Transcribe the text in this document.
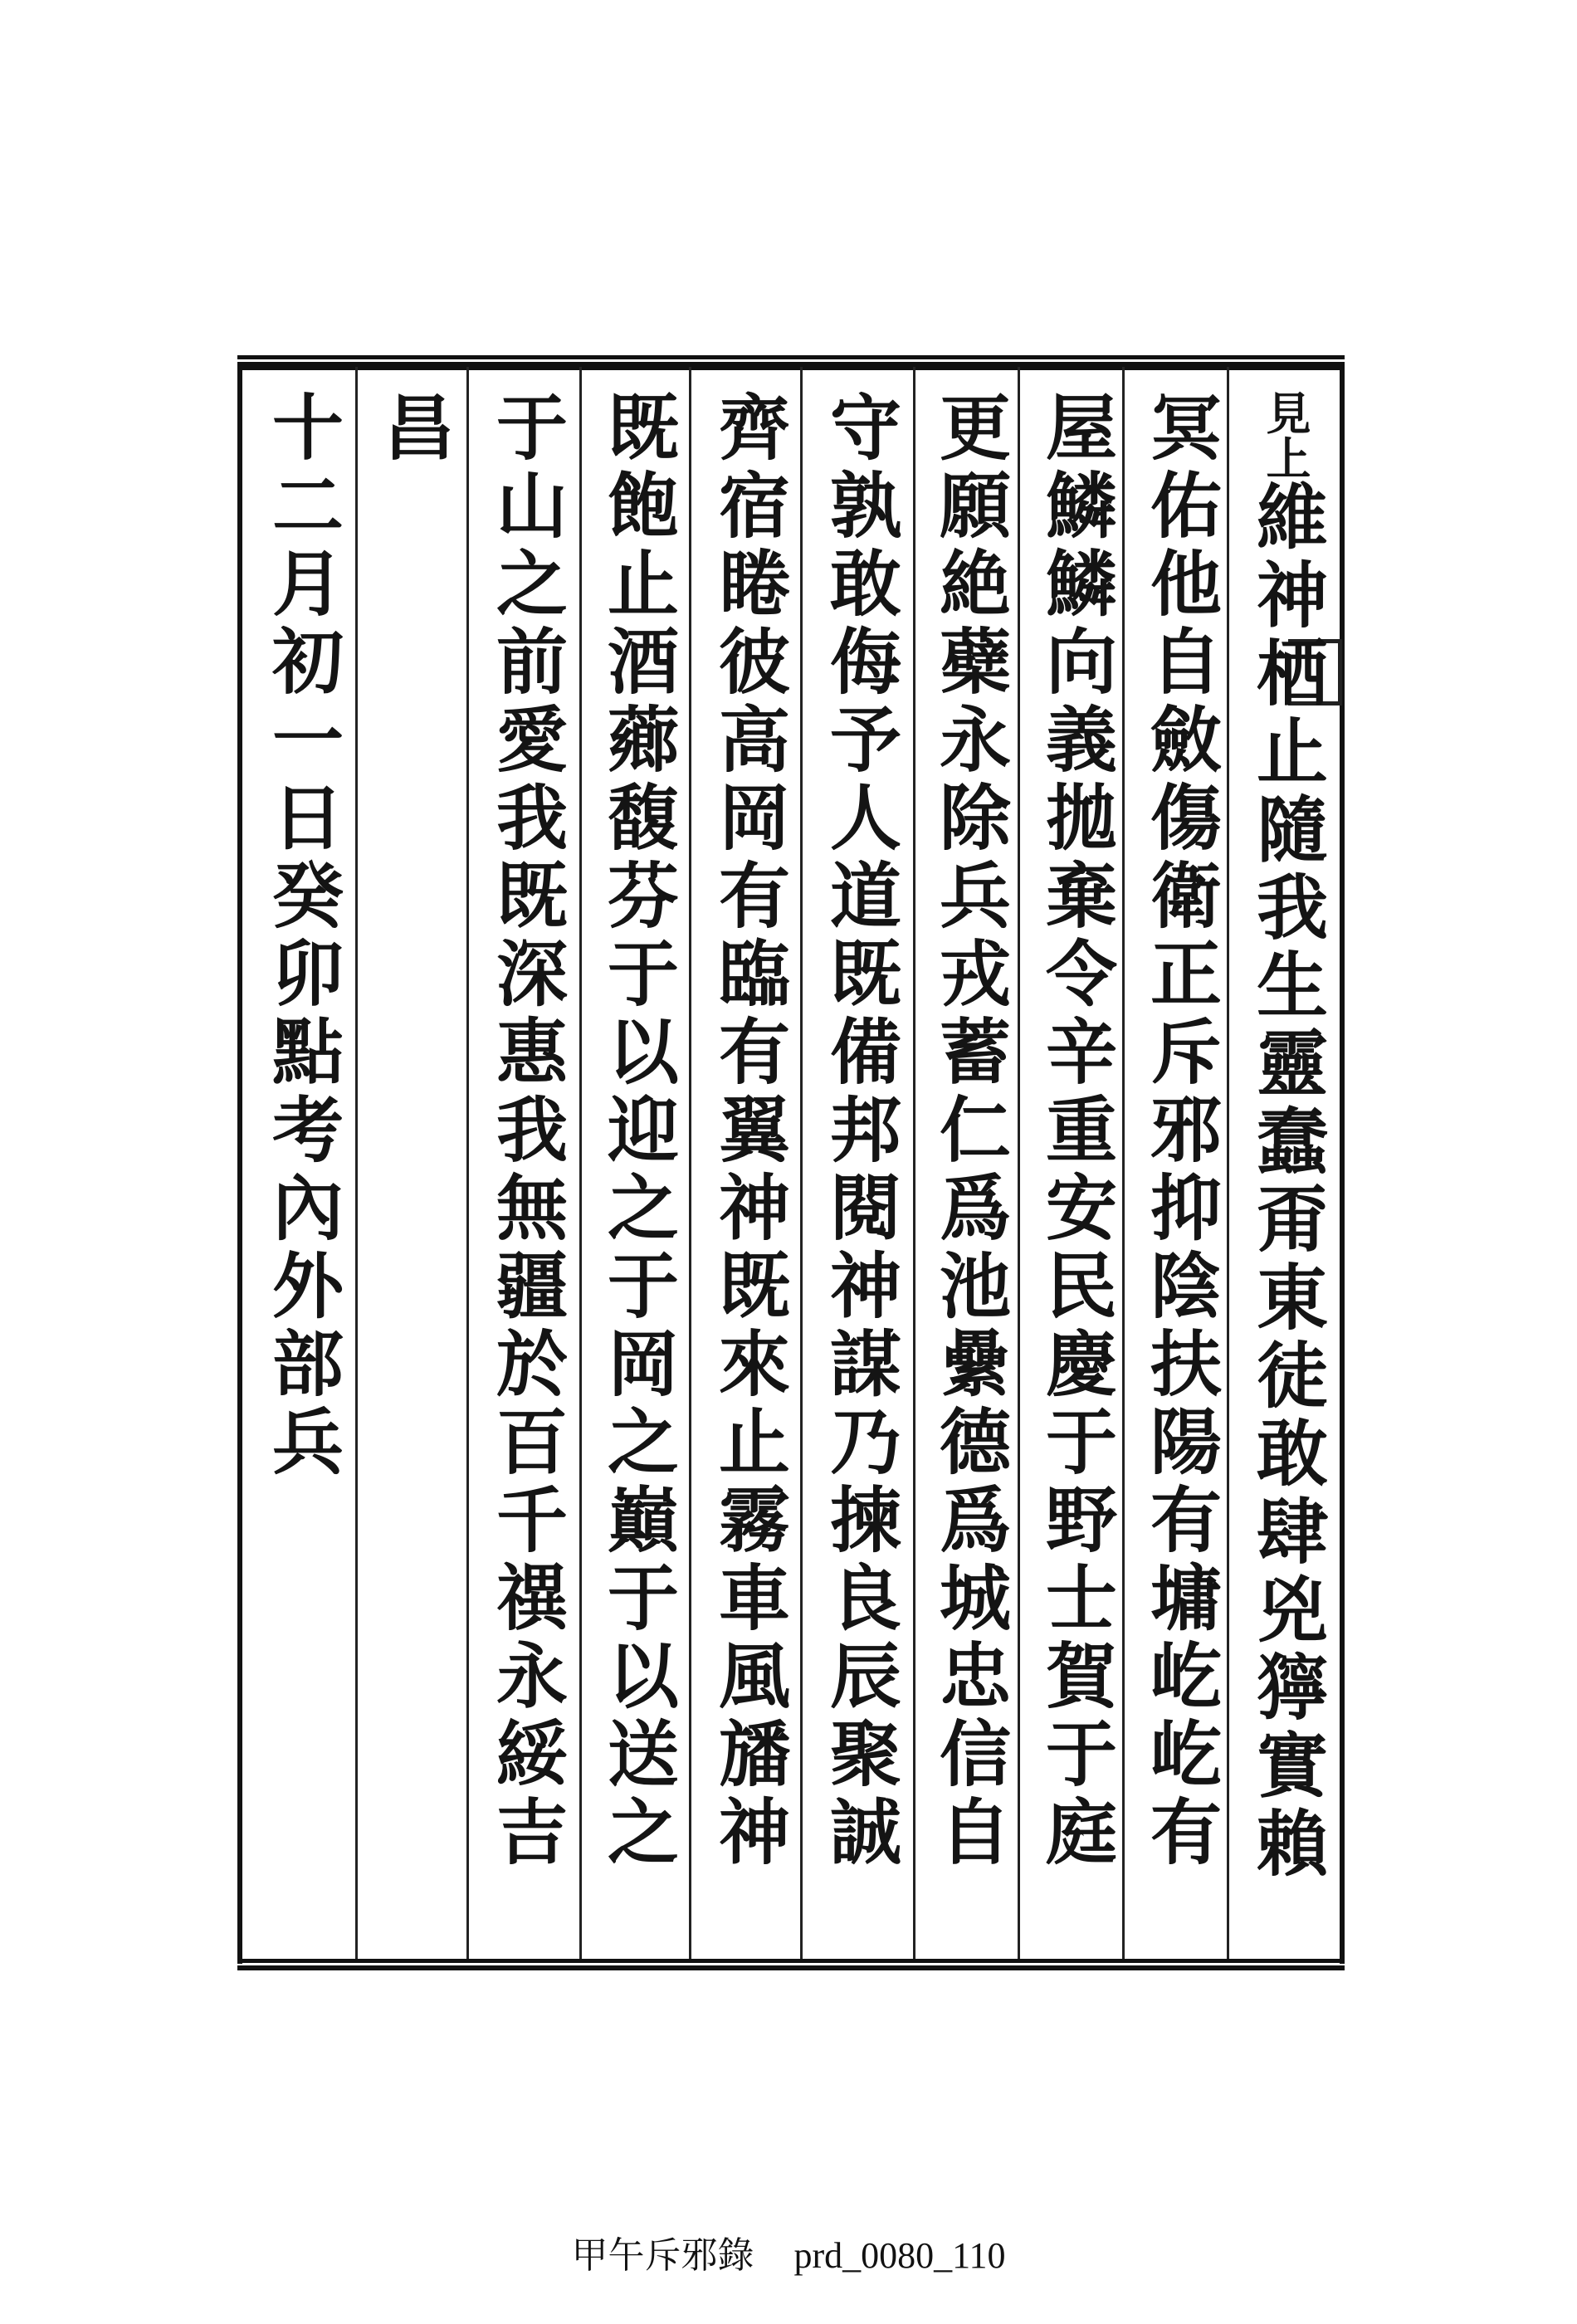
見上維神栖止隨我生靈蠢甭東徒敢肆兇獰實賴
冥佑他自斂傷衛正斥邪抑陰扶陽有墉屹屹有
屋鱗鱗向義拋棄令辛重安民慶于野士賀于庭
更願絶蘗永除兵戎蓄仁爲池纍德爲城忠信自
守孰敢侮予人道既備邦閱神謀乃揀良辰聚誠
齊宿睠彼高岡有臨有翼神既來止霧車風旙神
既飽止酒薌馥芬于以迎之于岡之巔于以送之
于山之前愛我既深惠我無疆於百千禩永綏吉
昌
十二月初一日癸卯點考內外部兵
甲午斥邪錄 prd_0080_110
